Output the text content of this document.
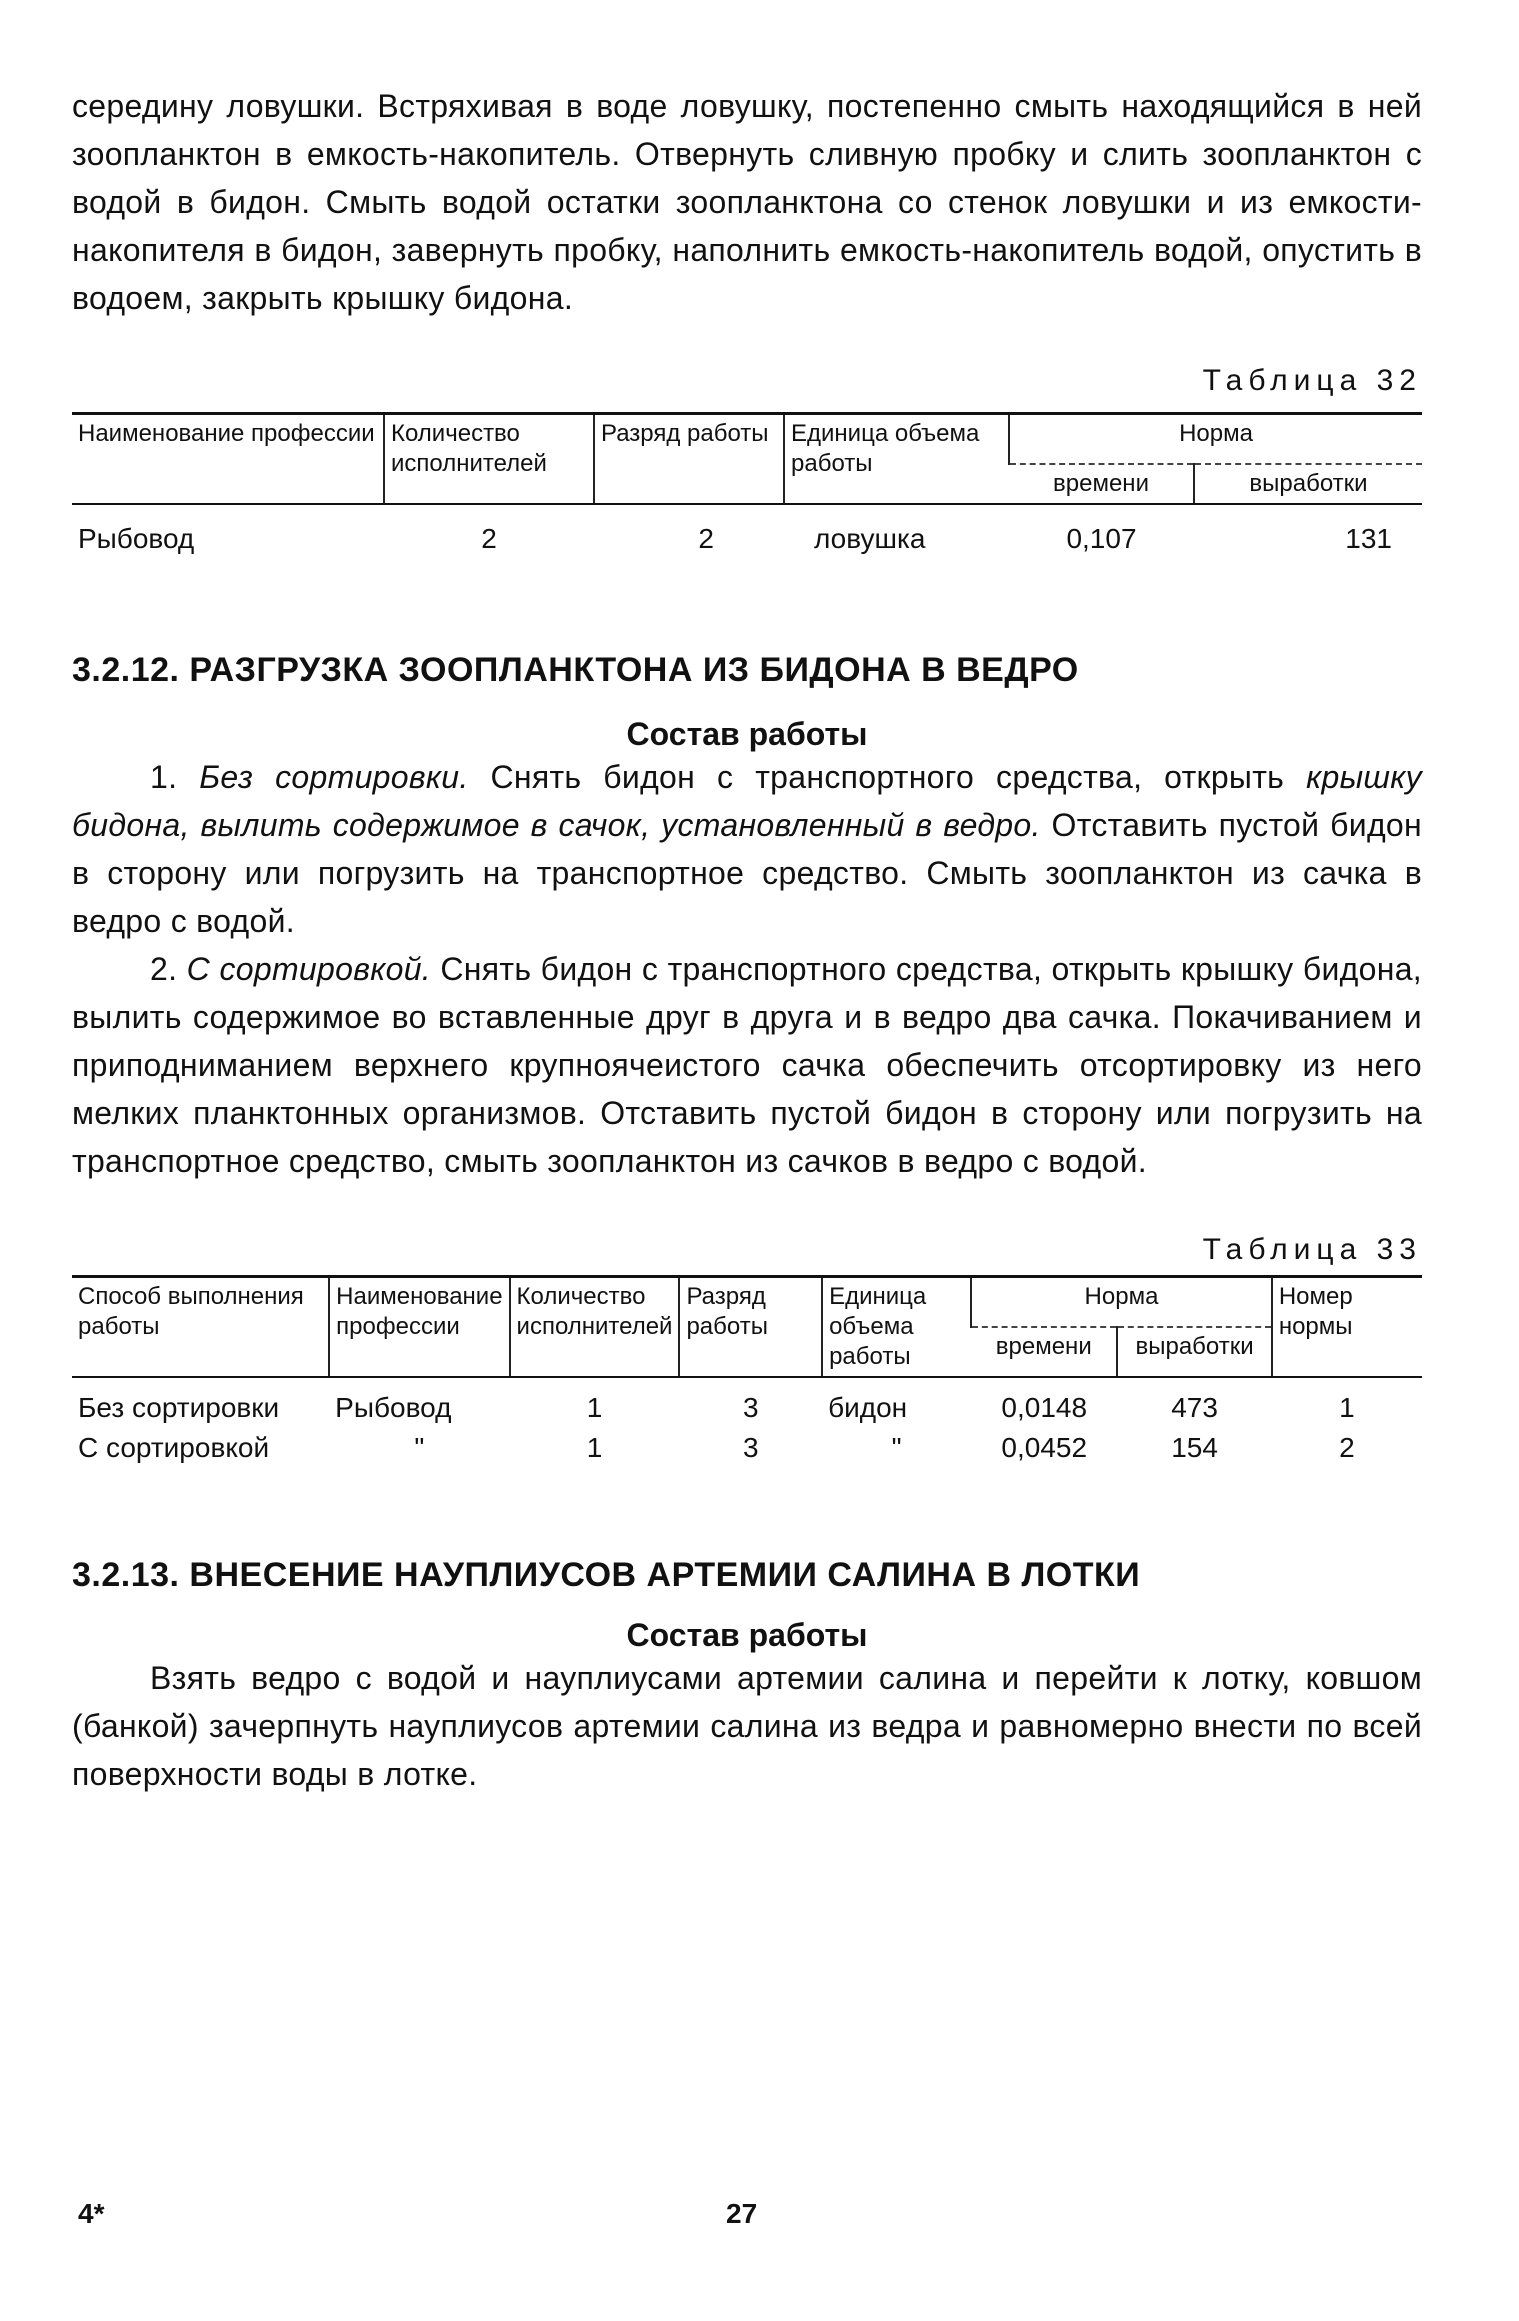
середину ловушки. Встряхивая в воде ловушку, постепенно смыть находящийся в ней зоопланктон в емкость-накопитель. Отвернуть сливную пробку и слить зоопланктон с водой в бидон. Смыть водой остатки зоопланктона со стенок ловушки и из емкости-накопителя в бидон, завернуть пробку, наполнить емкость-накопитель водой, опустить в водоем, закрыть крышку бидона.

Таблица 32

Наименование профессии	Количество исполнителей	Разряд работы	Единица объема работы	Норма	
				времени	выработки
Рыбовод	2	2	ловушка	0,107	131

3.2.12. РАЗГРУЗКА ЗООПЛАНКТОНА ИЗ БИДОНА В ВЕДРО

Состав работы

1. Без сортировки. Снять бидон с транспортного средства, открыть крышку бидона, вылить содержимое в сачок, установленный в ведро. Отставить пустой бидон в сторону или погрузить на транспортное средство. Смыть зоопланктон из сачка в ведро с водой.

2. С сортировкой. Снять бидон с транспортного средства, открыть крышку бидона, вылить содержимое во вставленные друг в друга и в ведро два сачка. Покачиванием и приподниманием верхнего крупноячеистого сачка обеспечить отсортировку из него мелких планктонных организмов. Отставить пустой бидон в сторону или погрузить на транспортное средство, смыть зоопланктон из сачков в ведро с водой.

Таблица 33

Способ выполнения работы	Наименование профессии	Количество исполнителей	Разряд работы	Единица объема работы	Норма		Номер нормы
					времени	выработки	
Без сортировки	Рыбовод	1	3	бидон	0,0148	473	1
С сортировкой	"	1	3	"	0,0452	154	2

3.2.13. ВНЕСЕНИЕ НАУПЛИУСОВ АРТЕМИИ САЛИНА В ЛОТКИ

Состав работы

Взять ведро с водой и науплиусами артемии салина и перейти к лотку, ковшом (банкой) зачерпнуть науплиусов артемии салина из ведра и равномерно внести по всей поверхности воды в лотке.

4*	27
